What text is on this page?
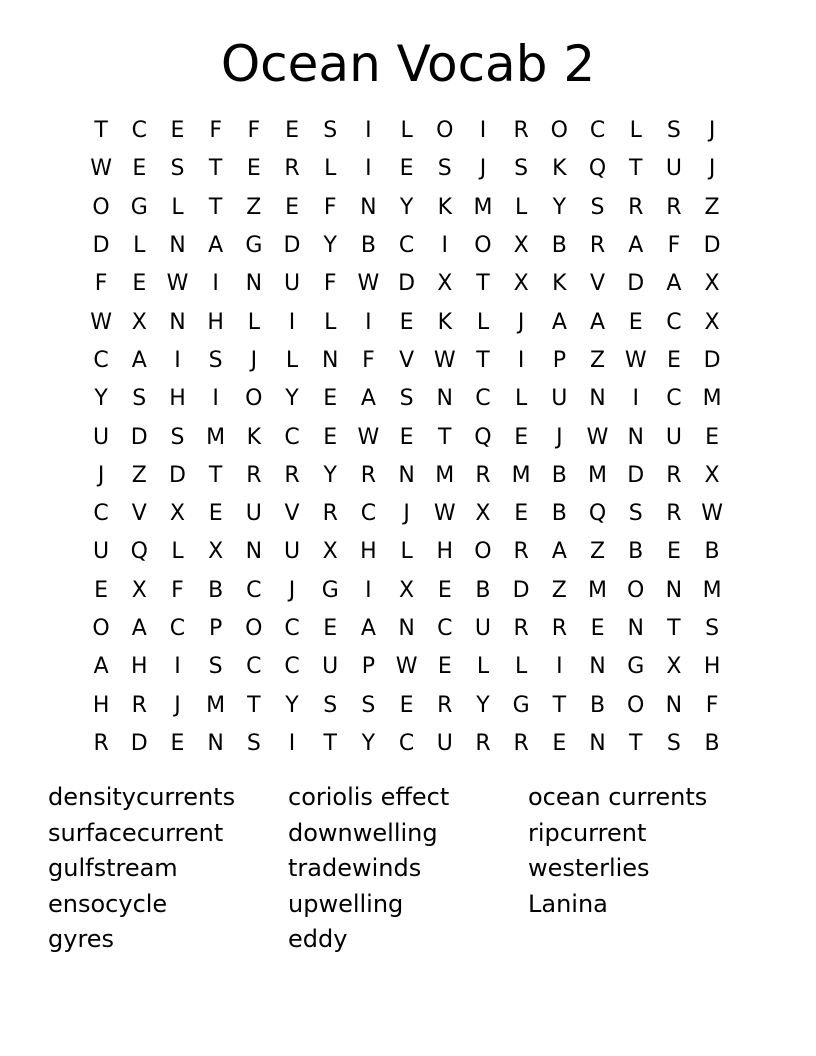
Ocean Vocab 2
T	C	E	F	F	E	S	I	L	O	I	R O C	L	S	J
W E	S	T	E	R	L	I	E	S	J	S	K	Q	T	U	J
O G	L	T	Z	E	F	N	Y	K M	L	Y	S	R	R	Z
D	L	N	A	G D	Y	B	C	I	O X	B	R	A	F	D
F	E W	I	N U	F W D	X	T	X	K	V	D	A	X
W X	N H	L	I	L	I	E	K	L	J	A	A	E	C	X
C	A	I	S	J	L	N	F	V W T	I	P	Z W E	D
Y	S	H	I	O	Y	E	A	S	N	C	L	U N	I	C M
U D	S M K	C	E W E	T	Q	E	J	W N U	E
J	Z	D	T	R	R	Y	R	N M R M B M D	R	X
C	V	X	E	U	V	R	C	J	W X	E	B Q	S	R W
U Q	L	X	N U	X	H	L	H O R	A	Z	B	E	B
E	X	F	B	C	J	G	I	X	E	B	D	Z M O N M
O	A	C	P	O C	E	A	N	C	U	R	R	E	N	T	S
A	H	I	S	C	C	U	P W E	L	L	I	N G	X	H
H	R	J	M T	Y	S	S	E	R	Y	G	T	B O N	F
R	D	E	N	S	I	T	Y	C	U	R	R	E	N	T	S	B
densitycurrents	coriolis effect	ocean currents
surfacecurrent	downwelling	ripcurrent
gulfstream	tradewinds	westerlies
ensocycle	upwelling	Lanina
gyres	eddy
